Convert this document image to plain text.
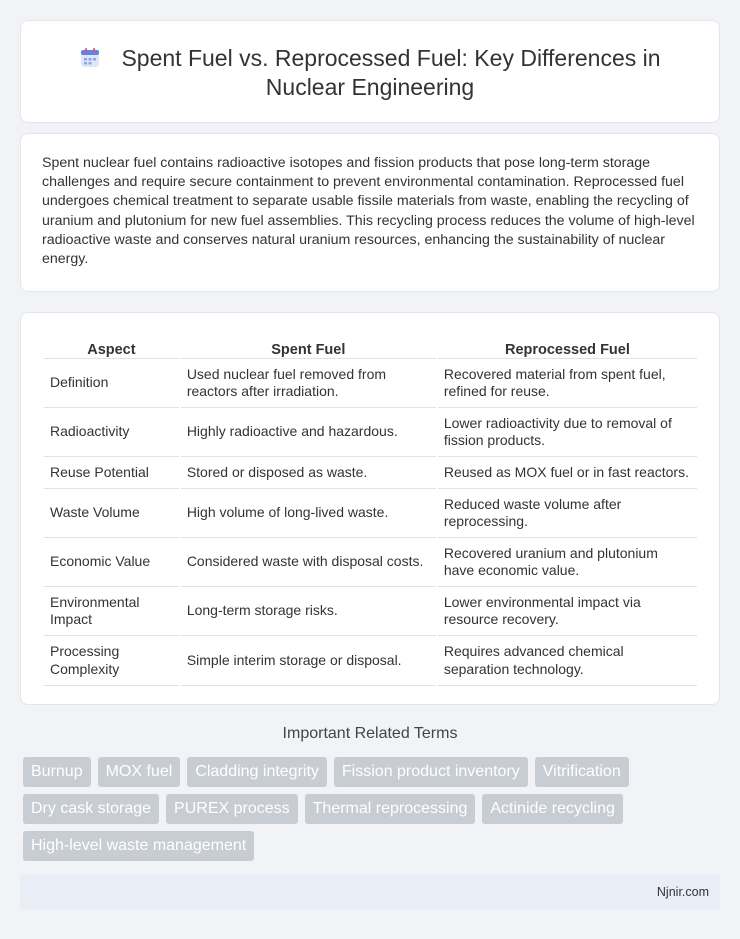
Spent Fuel vs. Reprocessed Fuel: Key Differences in Nuclear Engineering

Spent nuclear fuel contains radioactive isotopes and fission products that pose long-term storage challenges and require secure containment to prevent environmental contamination. Reprocessed fuel undergoes chemical treatment to separate usable fissile materials from waste, enabling the recycling of uranium and plutonium for new fuel assemblies. This recycling process reduces the volume of high-level radioactive waste and conserves natural uranium resources, enhancing the sustainability of nuclear energy.

Aspect	Spent Fuel	Reprocessed Fuel
Definition	Used nuclear fuel removed from reactors after irradiation.	Recovered material from spent fuel, refined for reuse.
Radioactivity	Highly radioactive and hazardous.	Lower radioactivity due to removal of fission products.
Reuse Potential	Stored or disposed as waste.	Reused as MOX fuel or in fast reactors.
Waste Volume	High volume of long-lived waste.	Reduced waste volume after reprocessing.
Economic Value	Considered waste with disposal costs.	Recovered uranium and plutonium have economic value.
Environmental Impact	Long-term storage risks.	Lower environmental impact via resource recovery.
Processing Complexity	Simple interim storage or disposal.	Requires advanced chemical separation technology.
Important Related Terms
Burnup	MOX fuel	Cladding integrity	Fission product inventory	Vitrification
Dry cask storage	PUREX process	Thermal reprocessing	Actinide recycling
High-level waste management
Njnir.com
